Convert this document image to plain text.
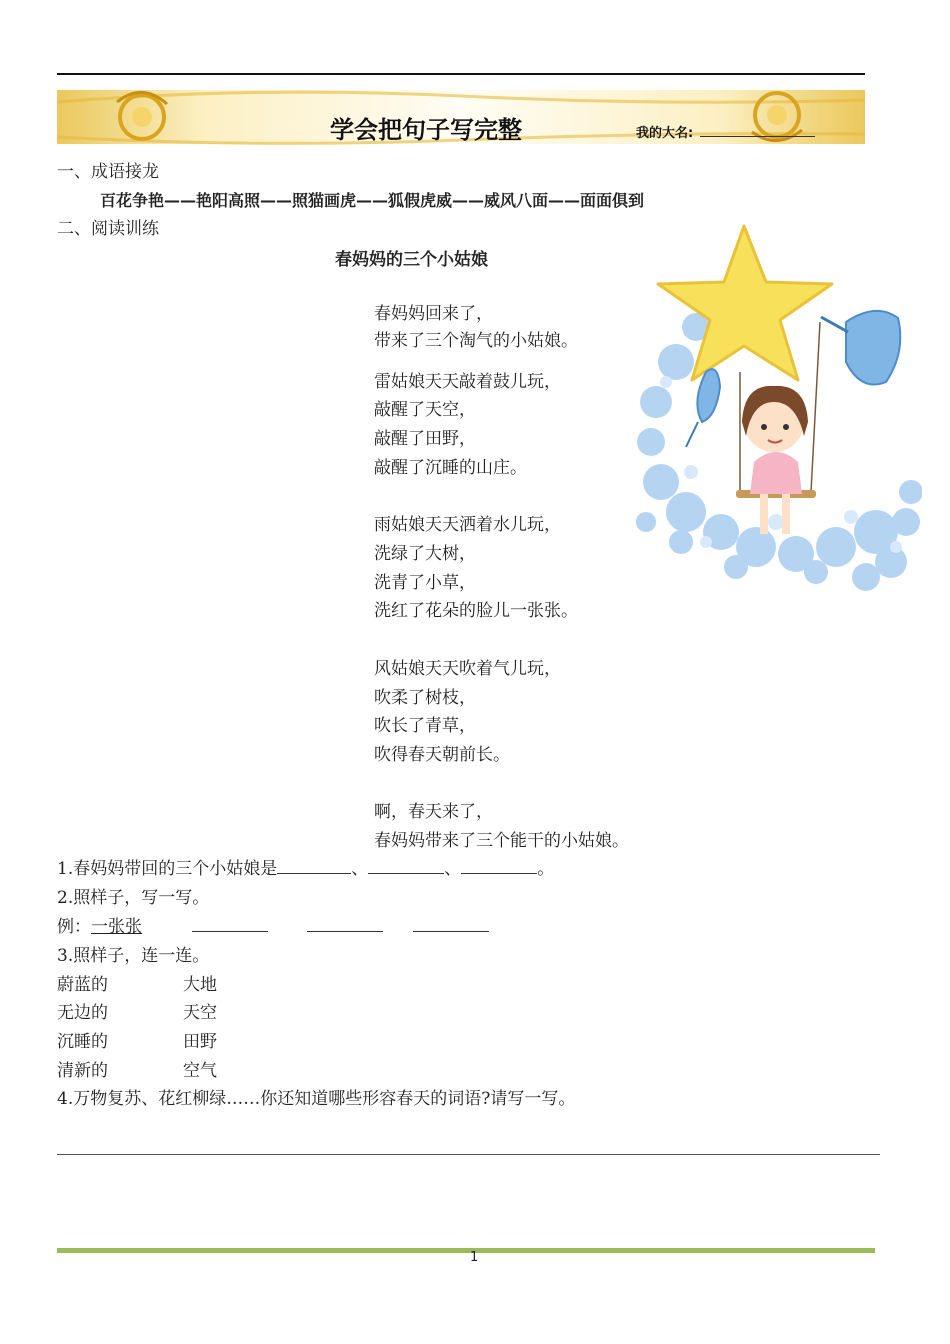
学会把句子写完整	我的大名:
一、成语接龙
百花争艳——艳阳高照——照猫画虎——狐假虎威——威风八面——面面俱到
二、阅读训练
春妈妈的三个小姑娘
春妈妈回来了，
带来了三个淘气的小姑娘。
雷姑娘天天敲着鼓儿玩，
敲醒了天空，
敲醒了田野，
敲醒了沉睡的山庄。
雨姑娘天天洒着水儿玩，
洗绿了大树，
洗青了小草，
洗红了花朵的脸儿一张张。
风姑娘天天吹着气儿玩，
吹柔了树枝，
吹长了青草，
吹得春天朝前长。
啊，春天来了，
春妈妈带来了三个能干的小姑娘。
1.春妈妈带回的三个小姑娘是	、	、	。
2.照样子，写一写。
例：一张张
3.照样子，连一连。
蔚蓝的	大地
无边的	天空
沉睡的	田野
清新的	空气
4.万物复苏、花红柳绿……你还知道哪些形容春天的词语?请写一写。
1
